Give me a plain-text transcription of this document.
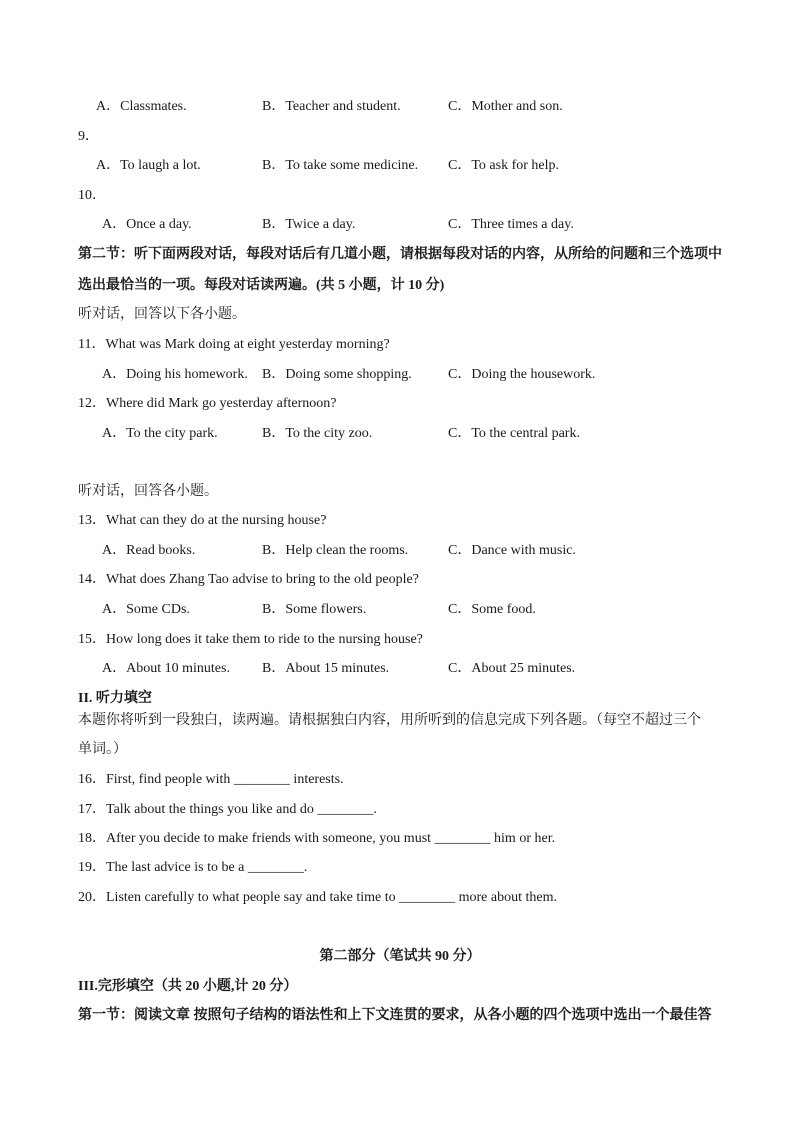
A．Classmates.	B．Teacher and student.	C．Mother and son.
9．
A．To laugh a lot.	B．To take some medicine. C．To ask for help.
10．
A．Once a day.	B．Twice a day.	C．Three times a day.
第二节：听下面两段对话，每段对话后有几道小题，请根据每段对话的内容，从所给的问题和三个选项中
选出最恰当的一项。每段对话读两遍。(共 5 小题，计 10 分)
听对话，回答以下各小题。
11．What was Mark doing at eight yesterday morning?
A．Doing his homework. B．Doing some shopping.	C．Doing the housework.
12．Where did Mark go yesterday afternoon?
A．To the city park.	B．To the city zoo.	C．To the central park.
听对话，回答各小题。
13．What can they do at the nursing house?
A．Read books.	B．Help clean the rooms.	C．Dance with music.
14．What does Zhang Tao advise to bring to the old people?
A．Some CDs.	B．Some flowers.	C．Some food.
15．How long does it take them to ride to the nursing house?
A．About 10 minutes. B．About 15 minutes.	C．About 25 minutes.
II. 听力填空
本题你将听到一段独白，读两遍。请根据独白内容，用所听到的信息完成下列各题。（每空不超过三个
单词。）
16．First, find people with ________ interests.
17．Talk about the things you like and do ________.
18．After you decide to make friends with someone, you must ________ him or her.
19．The last advice is to be a ________.
20．Listen carefully to what people say and take time to ________ more about them.
第二部分（笔试共 90 分）
III.完形填空（共 20 小题,计 20 分）
第一节：阅读文章 按照句子结构的语法性和上下文连贯的要求，从各小题的四个选项中选出一个最佳答
